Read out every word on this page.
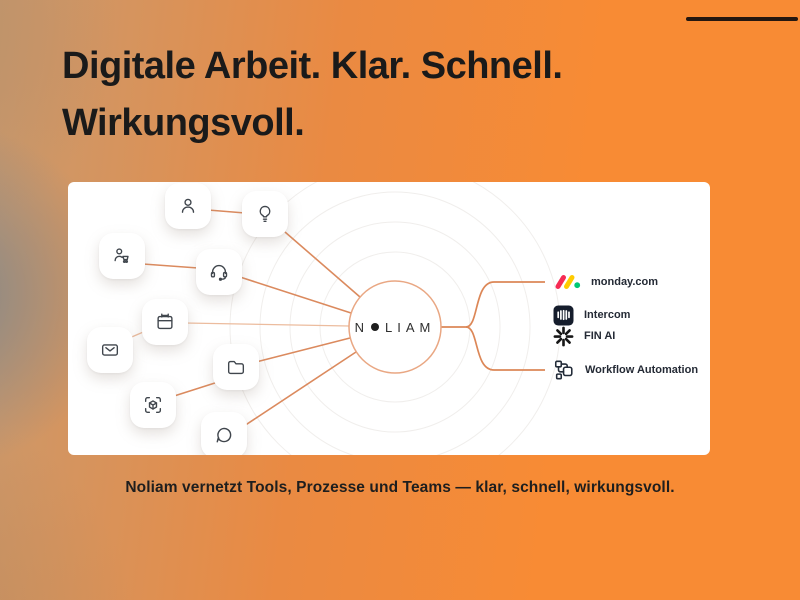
Digitale Arbeit. Klar. Schnell.
Wirkungsvoll.
N LIAM
monday.com
Intercom
FIN AI
Workflow Automation
Noliam vernetzt Tools, Prozesse und Teams — klar, schnell, wirkungsvoll.
